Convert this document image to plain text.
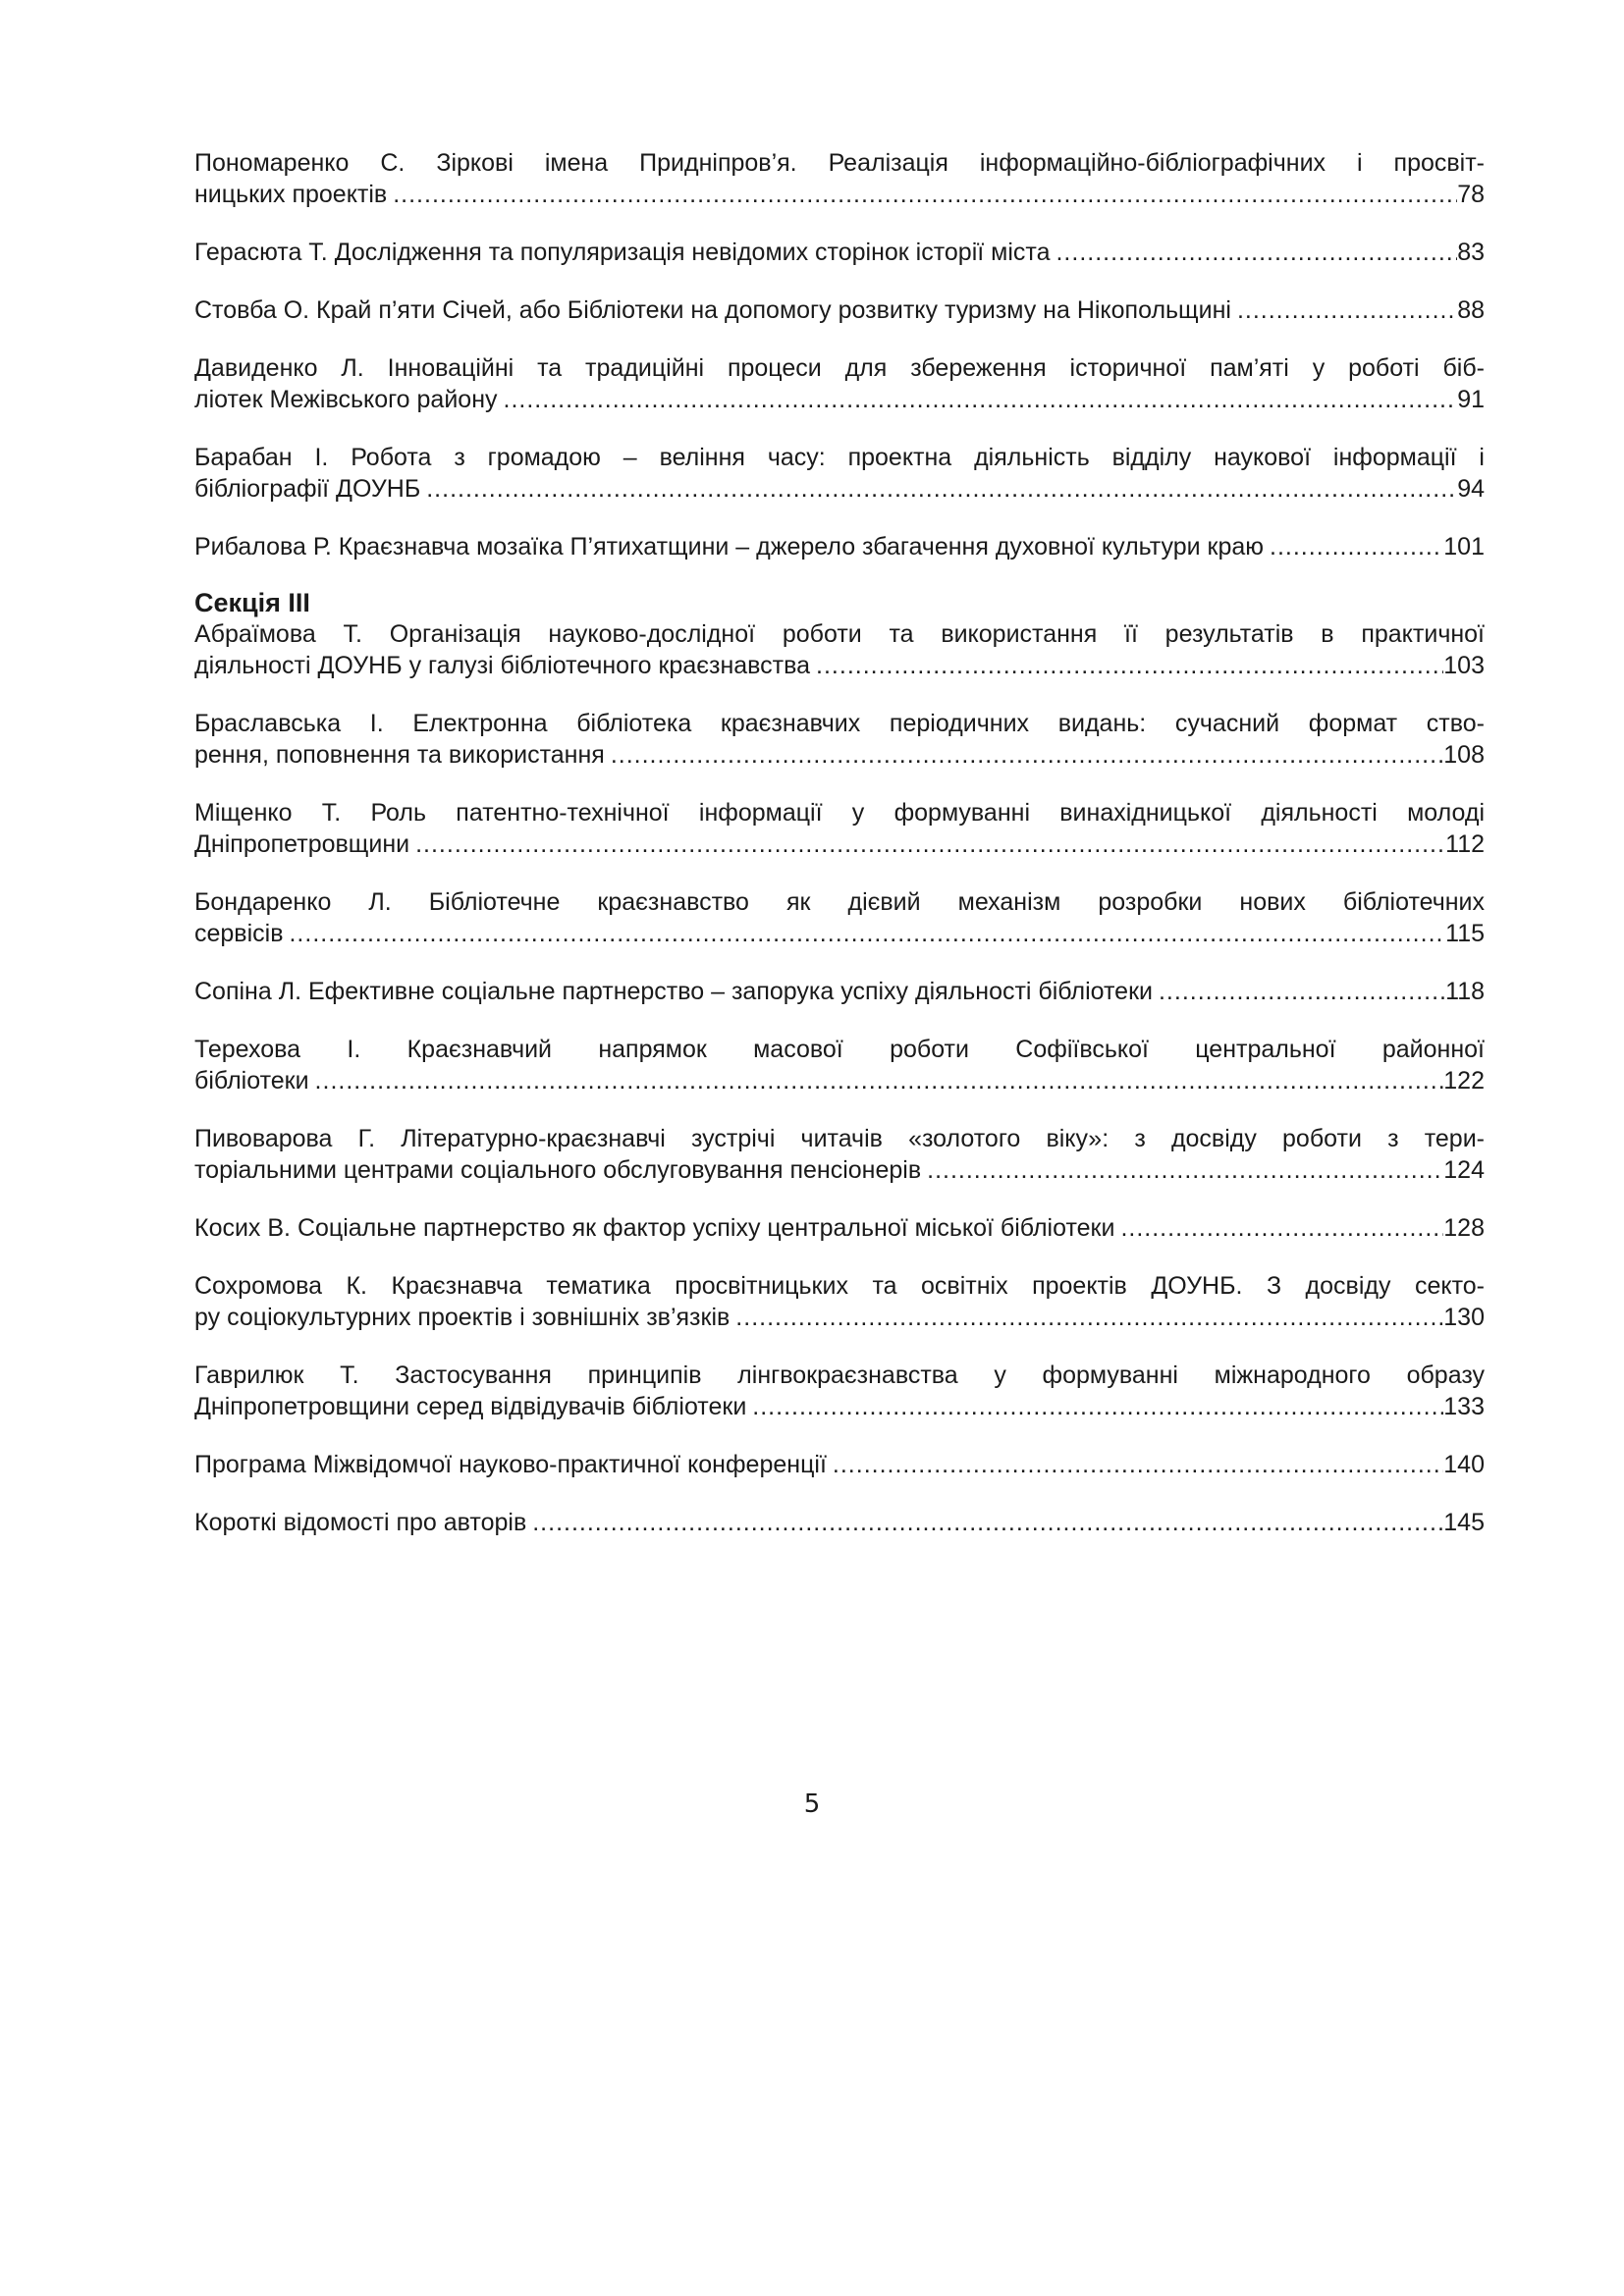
Пономаренко С. Зіркові імена Придніпров’я. Реалізація інформаційно-бібліографічних і просвіт-
ницьких проектів .....	78
Герасюта Т. Дослідження та популяризація невідомих сторінок історії міста .....	83
Стовба О. Край п’яти Січей, або Бібліотеки на допомогу розвитку туризму на Нікопольщині .....	88
Давиденко Л. Інноваційні та традиційні процеси для збереження історичної пам’яті у роботі біб-
ліотек Межівського району .....	91
Барабан І. Робота з громадою – веління часу: проектна діяльність відділу наукової інформації і
бібліографії ДОУНБ .....	94
Рибалова Р. Краєзнавча мозаїка П’ятихатщини – джерело збагачення духовної культури краю .....	101
Секція ІІІ
Абраїмова Т. Організація науково-дослідної роботи та використання її результатів в практичної
діяльності ДОУНБ у галузі бібліотечного краєзнавства .....	103
Браславська І. Електронна бібліотека краєзнавчих періодичних видань: сучасний формат ство-
рення, поповнення та використання .....	108
Міщенко Т. Роль патентно-технічної інформації у формуванні винахідницької діяльності молоді
Дніпропетровщини .....	112
Бондаренко Л. Бібліотечне краєзнавство як дієвий механізм розробки нових бібліотечних
сервісів .....	115
Сопіна Л. Ефективне соціальне партнерство – запорука успіху діяльності бібліотеки .....	118
Терехова І. Краєзнавчий напрямок масової роботи Софіївської центральної районної
бібліотеки .....	122
Пивоварова Г. Літературно-краєзнавчі зустрічі читачів «золотого віку»: з досвіду роботи з тери-
торіальними центрами соціального обслуговування пенсіонерів .....	124
Косих В. Соціальне партнерство як фактор успіху центральної міської бібліотеки .....	128
Сохромова К. Краєзнавча тематика просвітницьких та освітніх проектів ДОУНБ. З досвіду секто-
ру соціокультурних проектів і зовнішніх зв’язків .....	130
Гаврилюк Т. Застосування принципів лінгвокраєзнавства у формуванні міжнародного образу
Дніпропетровщини серед відвідувачів бібліотеки .....	133
Програма Міжвідомчої науково-практичної конференції .....	140
Короткі відомості про авторів .....	145
5
